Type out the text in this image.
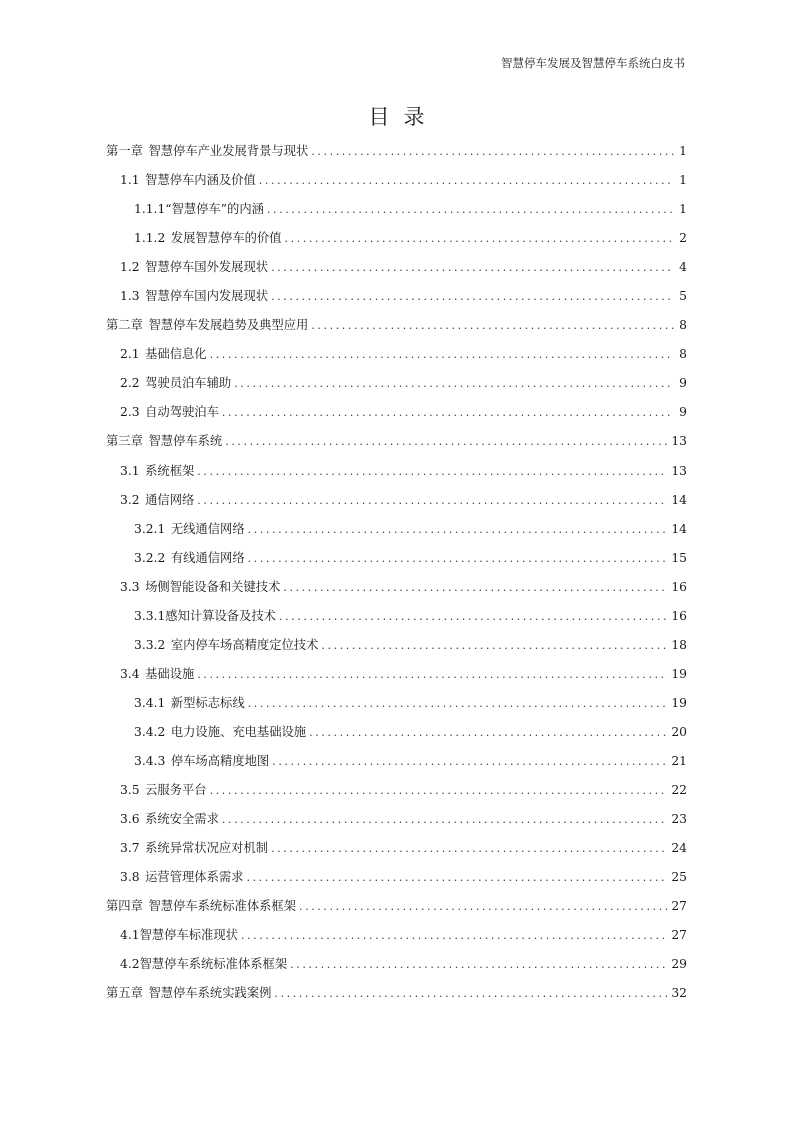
智慧停车发展及智慧停车系统白皮书
目录
第一章 智慧停车产业发展背景与现状 .....	1
1.1 智慧停车内涵及价值 .....	1
1.1.1 “智慧停车”的内涵 .....	1
1.1.2 发展智慧停车的价值 .....	2
1.2 智慧停车国外发展现状 .....	4
1.3 智慧停车国内发展现状 .....	5
第二章 智慧停车发展趋势及典型应用 .....	8
2.1 基础信息化 .....	8
2.2 驾驶员泊车辅助 .....	9
2.3 自动驾驶泊车 .....	9
第三章 智慧停车系统 .....	13
3.1 系统框架 .....	13
3.2 通信网络 .....	14
3.2.1 无线通信网络 .....	14
3.2.2 有线通信网络 .....	15
3.3 场侧智能设备和关键技术 .....	16
3.3.1 感知计算设备及技术 .....	16
3.3.2 室内停车场高精度定位技术 .....	18
3.4 基础设施 .....	19
3.4.1 新型标志标线 .....	19
3.4.2 电力设施、充电基础设施 .....	20
3.4.3 停车场高精度地图 .....	21
3.5 云服务平台 .....	22
3.6 系统安全需求 .....	23
3.7 系统异常状况应对机制 .....	24
3.8 运营管理体系需求 .....	25
第四章 智慧停车系统标准体系框架 .....	27
4.1 智慧停车标准现状 .....	27
4.2 智慧停车系统标准体系框架 .....	29
第五章 智慧停车系统实践案例 .....	32
